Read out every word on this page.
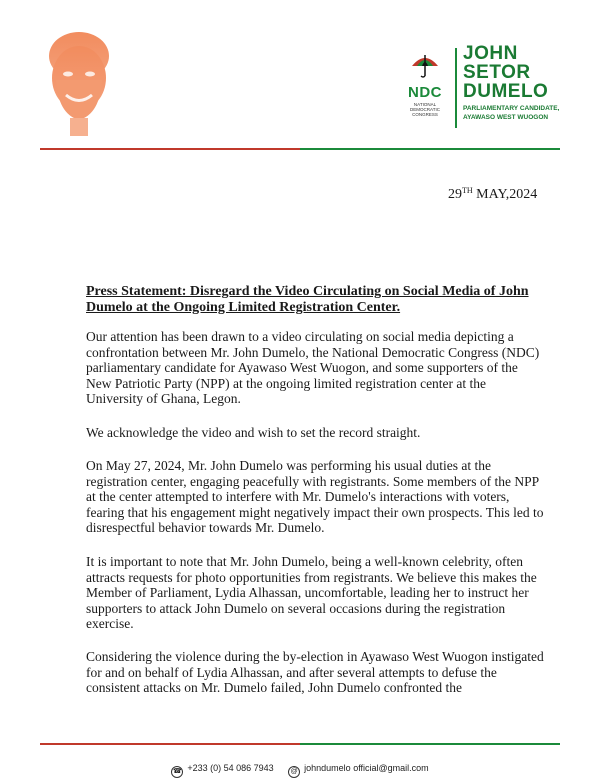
NDC
NATIONAL
DEMOCRATIC
CONGRESS
JOHN
SETOR
DUMELO
PARLIAMENTARY CANDIDATE,
AYAWASO WEST WUOGON
29TH MAY,2024
Press Statement: Disregard the Video Circulating on Social Media of John Dumelo at the Ongoing Limited Registration Center.
Our attention has been drawn to a video circulating on social media depicting a confrontation between Mr. John Dumelo, the National Democratic Congress (NDC) parliamentary candidate for Ayawaso West Wuogon, and some supporters of the New Patriotic Party (NPP) at the ongoing limited registration center at the University of Ghana, Legon.
We acknowledge the video and wish to set the record straight.
On May 27, 2024, Mr. John Dumelo was performing his usual duties at the registration center, engaging peacefully with registrants. Some members of the NPP at the center attempted to interfere with Mr. Dumelo's interactions with voters, fearing that his engagement might negatively impact their own prospects. This led to disrespectful behavior towards Mr. Dumelo.
It is important to note that Mr. John Dumelo, being a well-known celebrity, often attracts requests for photo opportunities from registrants. We believe this makes the Member of Parliament, Lydia Alhassan, uncomfortable, leading her to instruct her supporters to attack John Dumelo on several occasions during the registration exercise.
Considering the violence during the by-election in Ayawaso West Wuogon instigated for and on behalf of Lydia Alhassan, and after several attempts to defuse the consistent attacks on Mr. Dumelo failed, John Dumelo confronted the
☎ +233 (0) 54 086 7943 @ johndumelo official@gmail.com
